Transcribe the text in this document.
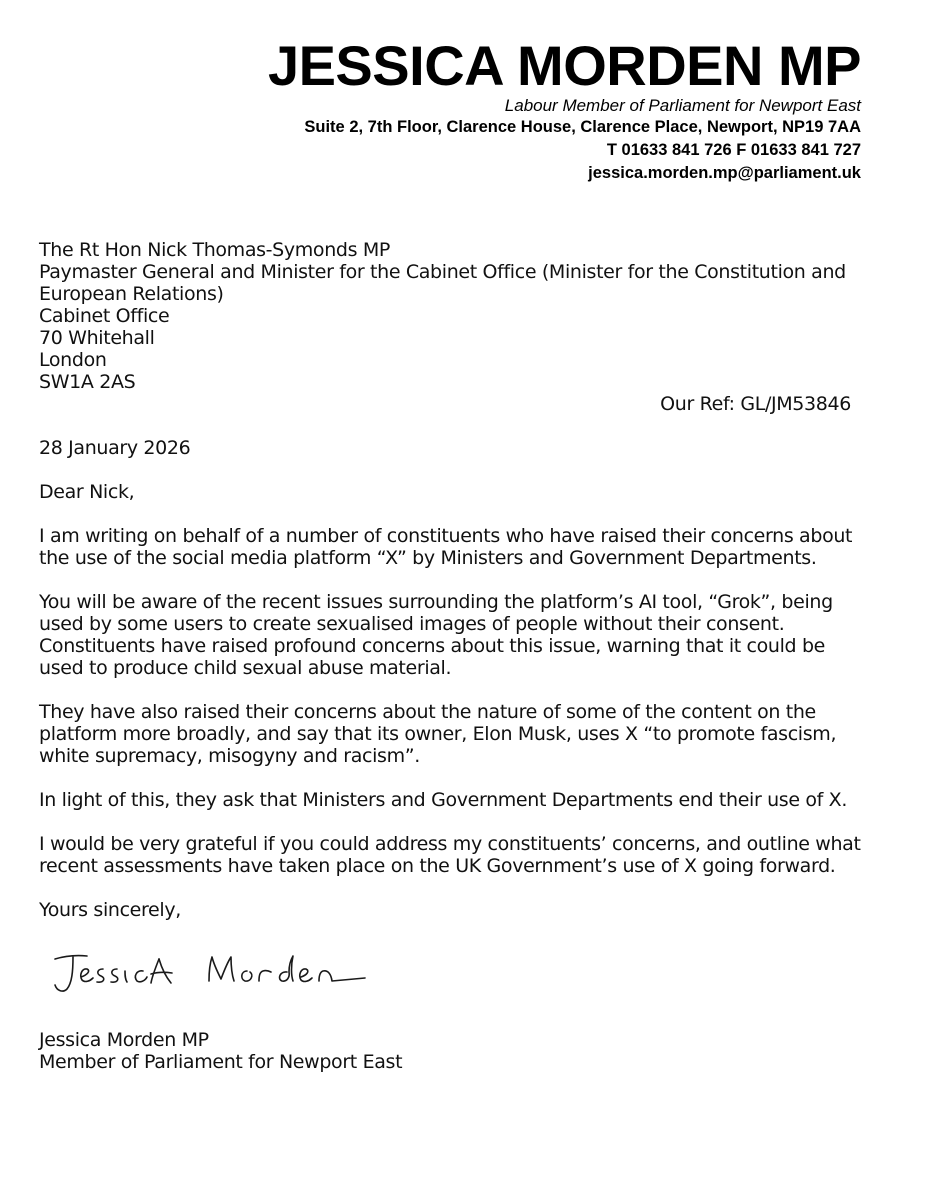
JESSICA MORDEN MP
Labour Member of Parliament for Newport East
Suite 2, 7th Floor, Clarence House, Clarence Place, Newport, NP19 7AA
T 01633 841 726 F 01633 841 727
jessica.morden.mp@parliament.uk
The Rt Hon Nick Thomas-Symonds MP
Paymaster General and Minister for the Cabinet Office (Minister for the Constitution and European Relations)
Cabinet Office
70 Whitehall
London
SW1A 2AS
Our Ref: GL/JM53846
28 January 2026
Dear Nick,
I am writing on behalf of a number of constituents who have raised their concerns about the use of the social media platform “X” by Ministers and Government Departments.
You will be aware of the recent issues surrounding the platform’s AI tool, “Grok”, being used by some users to create sexualised images of people without their consent. Constituents have raised profound concerns about this issue, warning that it could be used to produce child sexual abuse material.
They have also raised their concerns about the nature of some of the content on the platform more broadly, and say that its owner, Elon Musk, uses X “to promote fascism, white supremacy, misogyny and racism”.
In light of this, they ask that Ministers and Government Departments end their use of X.
I would be very grateful if you could address my constituents’ concerns, and outline what recent assessments have taken place on the UK Government’s use of X going forward.
Yours sincerely,
Jessica Morden MP
Member of Parliament for Newport East
